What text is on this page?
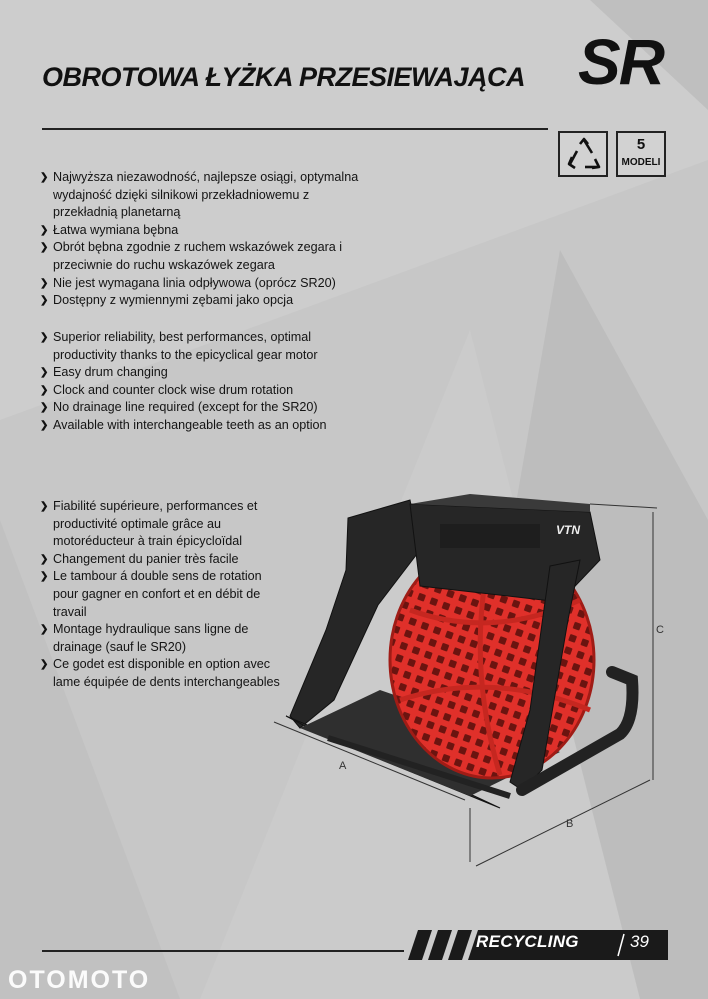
OBROTOWA ŁYŻKA PRZESIEWAJĄCA SR
5
MODELI
❯ Najwyższa niezawodność, najlepsze osiągi, optymalna wydajność dzięki silnikowi przekładniowemu z przekładnią planetarną
❯ Łatwa wymiana bębna
❯ Obrót bębna zgodnie z ruchem wskazówek zegara i przeciwnie do ruchu wskazówek zegara
❯ Nie jest wymagana linia odpływowa (oprócz SR20)
❯ Dostępny z wymiennymi zębami jako opcja
❯ Superior reliability, best performances, optimal productivity thanks to the epicyclical gear motor
❯ Easy drum changing
❯ Clock and counter clock wise drum rotation
❯ No drainage line required (except for the SR20)
❯ Available with interchangeable teeth as an option
❯ Fiabilité supérieure, performances et productivité optimale grâce au motoréducteur à train épicycloïdal
❯ Changement du panier très facile
❯ Le tambour á double sens de rotation pour gagner en confort et en débit de travail
❯ Montage hydraulique sans ligne de drainage (sauf le SR20)
❯ Ce godet est disponible en option avec lame équipée de dents interchangeables
VTN
A
B
C
RECYCLING	39
OTOMOTO
